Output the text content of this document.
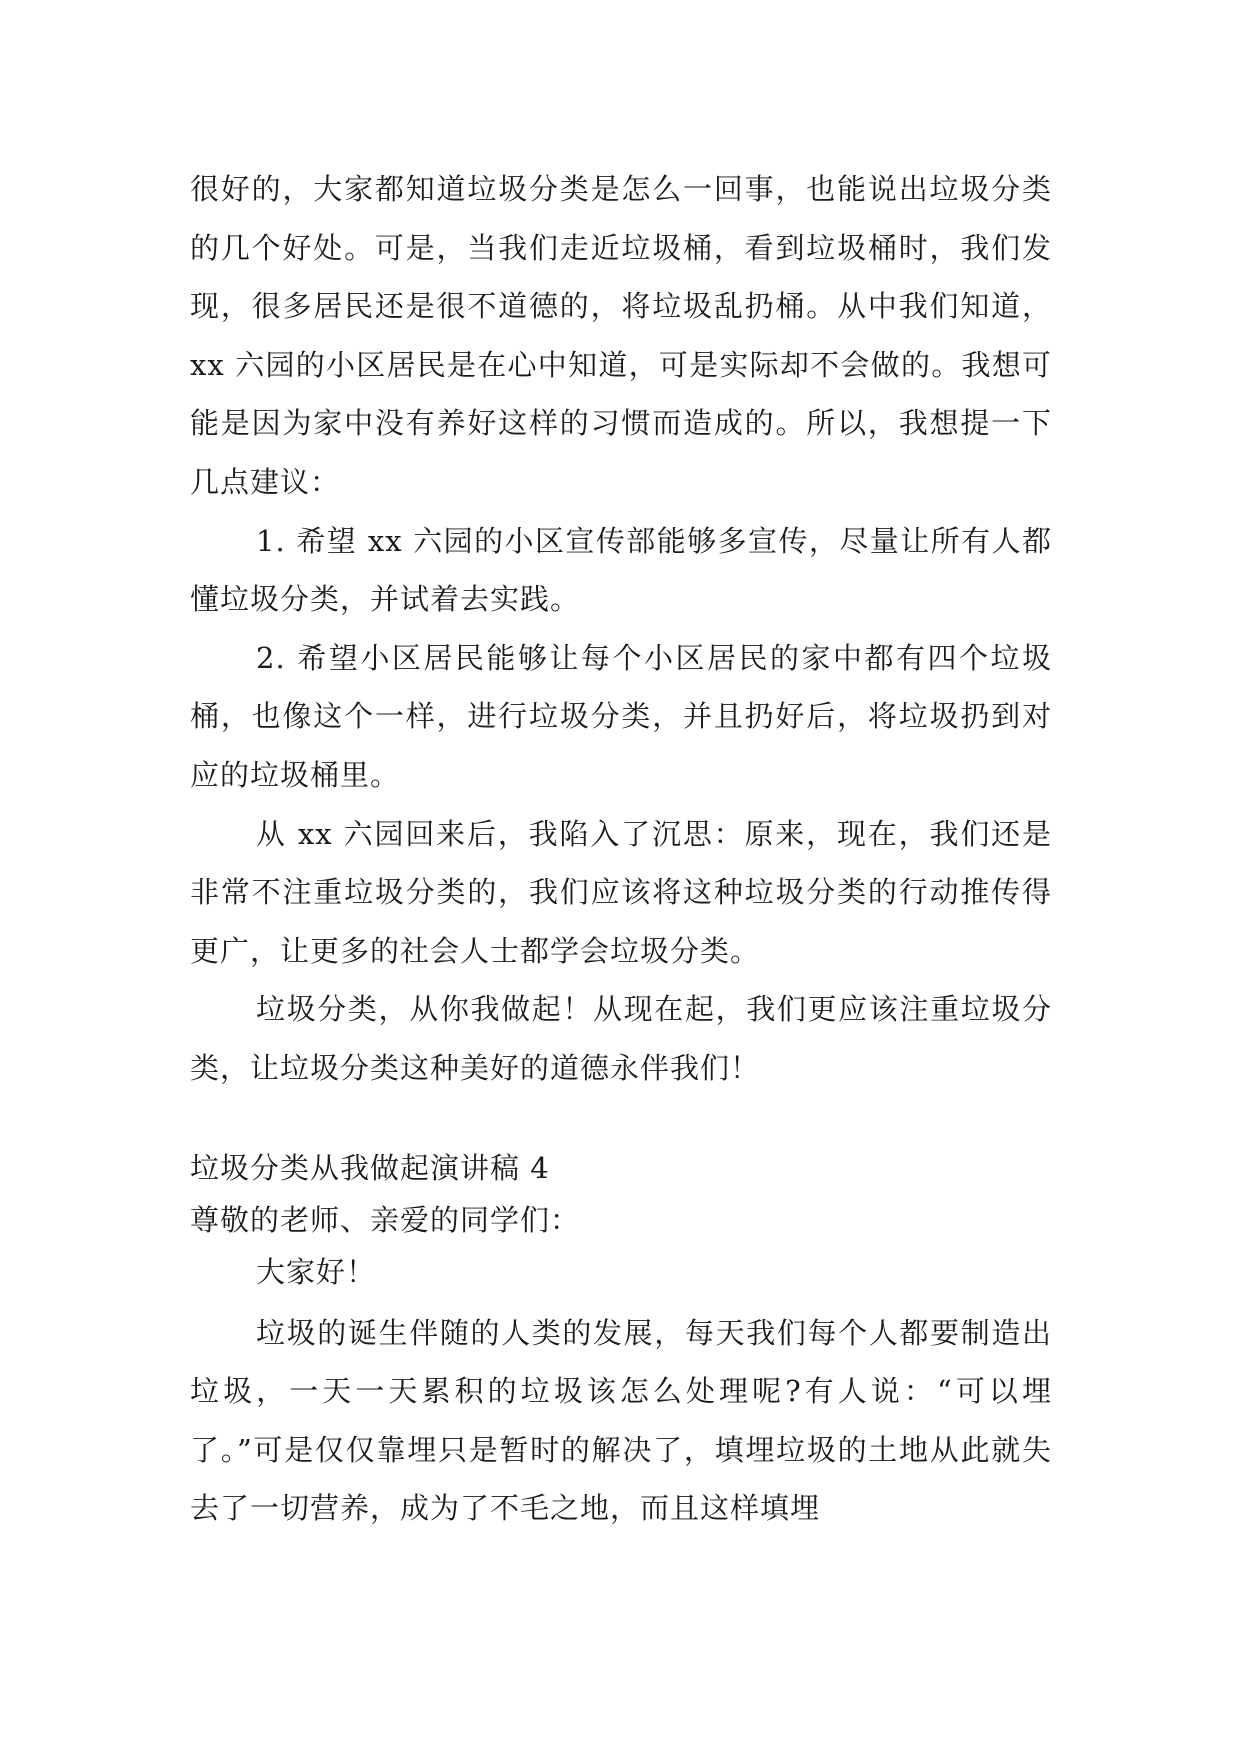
很好的，大家都知道垃圾分类是怎么一回事，也能说出垃圾分类的几个好处。可是，当我们走近垃圾桶，看到垃圾桶时，我们发现，很多居民还是很不道德的，将垃圾乱扔桶。从中我们知道，xx 六园的小区居民是在心中知道，可是实际却不会做的。我想可能是因为家中没有养好这样的习惯而造成的。所以，我想提一下几点建议：

1. 希望 xx 六园的小区宣传部能够多宣传，尽量让所有人都懂垃圾分类，并试着去实践。

2. 希望小区居民能够让每个小区居民的家中都有四个垃圾桶，也像这个一样，进行垃圾分类，并且扔好后，将垃圾扔到对应的垃圾桶里。

从 xx 六园回来后，我陷入了沉思：原来，现在，我们还是非常不注重垃圾分类的，我们应该将这种垃圾分类的行动推传得更广，让更多的社会人士都学会垃圾分类。

垃圾分类，从你我做起！从现在起，我们更应该注重垃圾分类，让垃圾分类这种美好的道德永伴我们！

垃圾分类从我做起演讲稿 4

尊敬的老师、亲爱的同学们：

大家好！

垃圾的诞生伴随的人类的发展，每天我们每个人都要制造出垃圾，一天一天累积的垃圾该怎么处理呢?有人说：“可以埋了。”可是仅仅靠埋只是暂时的解决了，填埋垃圾的土地从此就失去了一切营养，成为了不毛之地，而且这样填埋
